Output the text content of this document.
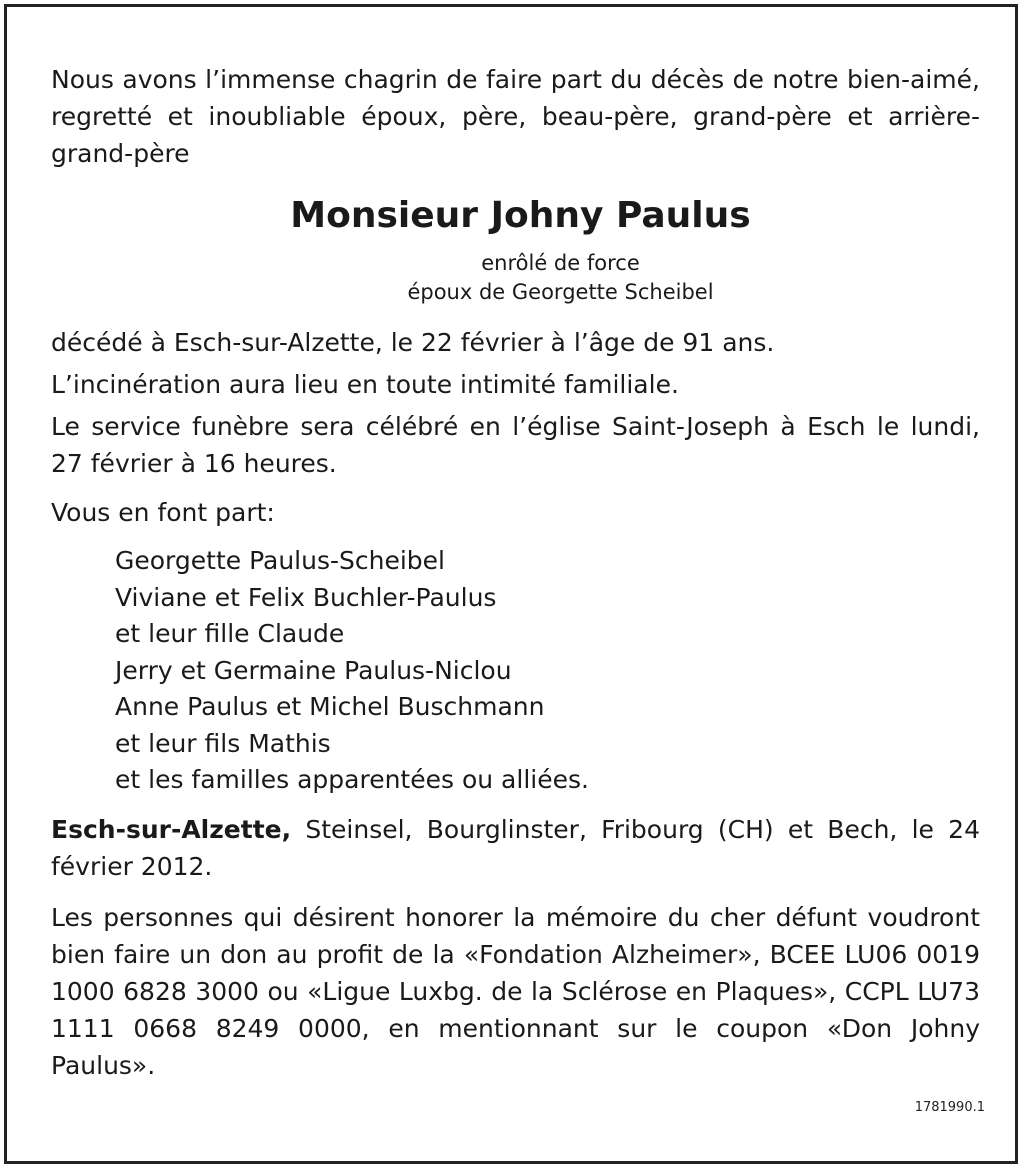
Nous avons l’immense chagrin de faire part du décès de notre bien-aimé, regretté et inoubliable époux, père, beau-père, grand-père et arrière-grand-père

Monsieur Johny Paulus
enrôlé de force
époux de Georgette Scheibel

décédé à Esch-sur-Alzette, le 22 février à l’âge de 91 ans.

L’incinération aura lieu en toute intimité familiale.

Le service funèbre sera célébré en l’église Saint-Joseph à Esch le lundi, 27 février à 16 heures.

Vous en font part:

Georgette Paulus-Scheibel
Viviane et Felix Buchler-Paulus
et leur fille Claude
Jerry et Germaine Paulus-Niclou
Anne Paulus et Michel Buschmann
et leur fils Mathis
et les familles apparentées ou alliées.

Esch-sur-Alzette, Steinsel, Bourglinster, Fribourg (CH) et Bech, le 24 février 2012.

Les personnes qui désirent honorer la mémoire du cher défunt voudront bien faire un don au profit de la «Fondation Alzheimer», BCEE LU06 0019 1000 6828 3000 ou «Ligue Luxbg. de la Sclérose en Plaques», CCPL LU73 1111 0668 8249 0000, en mentionnant sur le coupon «Don Johny Paulus».

1781990.1
